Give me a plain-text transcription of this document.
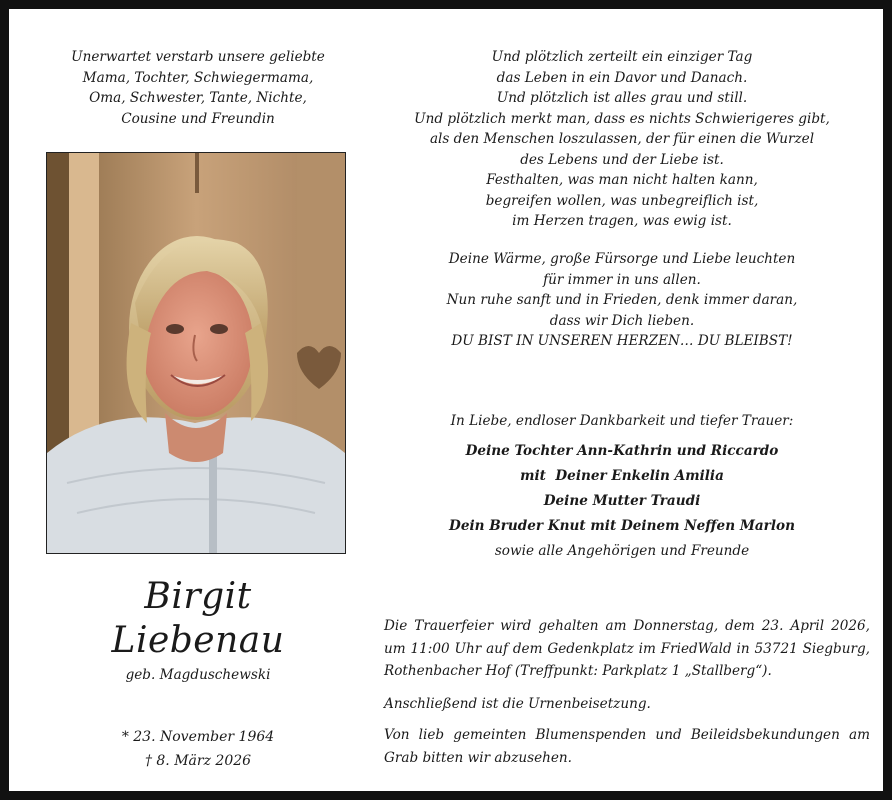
Unerwartet verstarb unsere geliebte
Mama, Tochter, Schwiegermama,
Oma, Schwester, Tante, Nichte,
Cousine und Freundin
Und plötzlich zerteilt ein einziger Tag
das Leben in ein Davor und Danach.
Und plötzlich ist alles grau und still.
Und plötzlich merkt man, dass es nichts Schwierigeres gibt,
als den Menschen loszulassen, der für einen die Wurzel
des Lebens und der Liebe ist.
Festhalten, was man nicht halten kann,
begreifen wollen, was unbegreiflich ist,
im Herzen tragen, was ewig ist.
Deine Wärme, große Fürsorge und Liebe leuchten
für immer in uns allen.
Nun ruhe sanft und in Frieden, denk immer daran,
dass wir Dich lieben.
DU BIST IN UNSEREN HERZEN… DU BLEIBST!
Birgit
Liebenau
geb. Magduschewski
* 23. November 1964
† 8. März 2026
In Liebe, endloser Dankbarkeit und tiefer Trauer:
Deine Tochter Ann-Kathrin und Riccardo
mit  Deiner Enkelin Amilia
Deine Mutter Traudi
Dein Bruder Knut mit Deinem Neffen Marlon
sowie alle Angehörigen und Freunde

Die Trauerfeier wird gehalten am Donnerstag, dem 23. April 2026, um 11:00 Uhr auf dem Gedenkplatz im FriedWald in 53721 Siegburg, Rothenbacher Hof (Treffpunkt: Parkplatz 1 „Stallberg“).

Anschließend ist die Urnenbeisetzung.

Von lieb gemeinten Blumenspenden und Beileidsbekundungen am Grab bitten wir abzusehen.
